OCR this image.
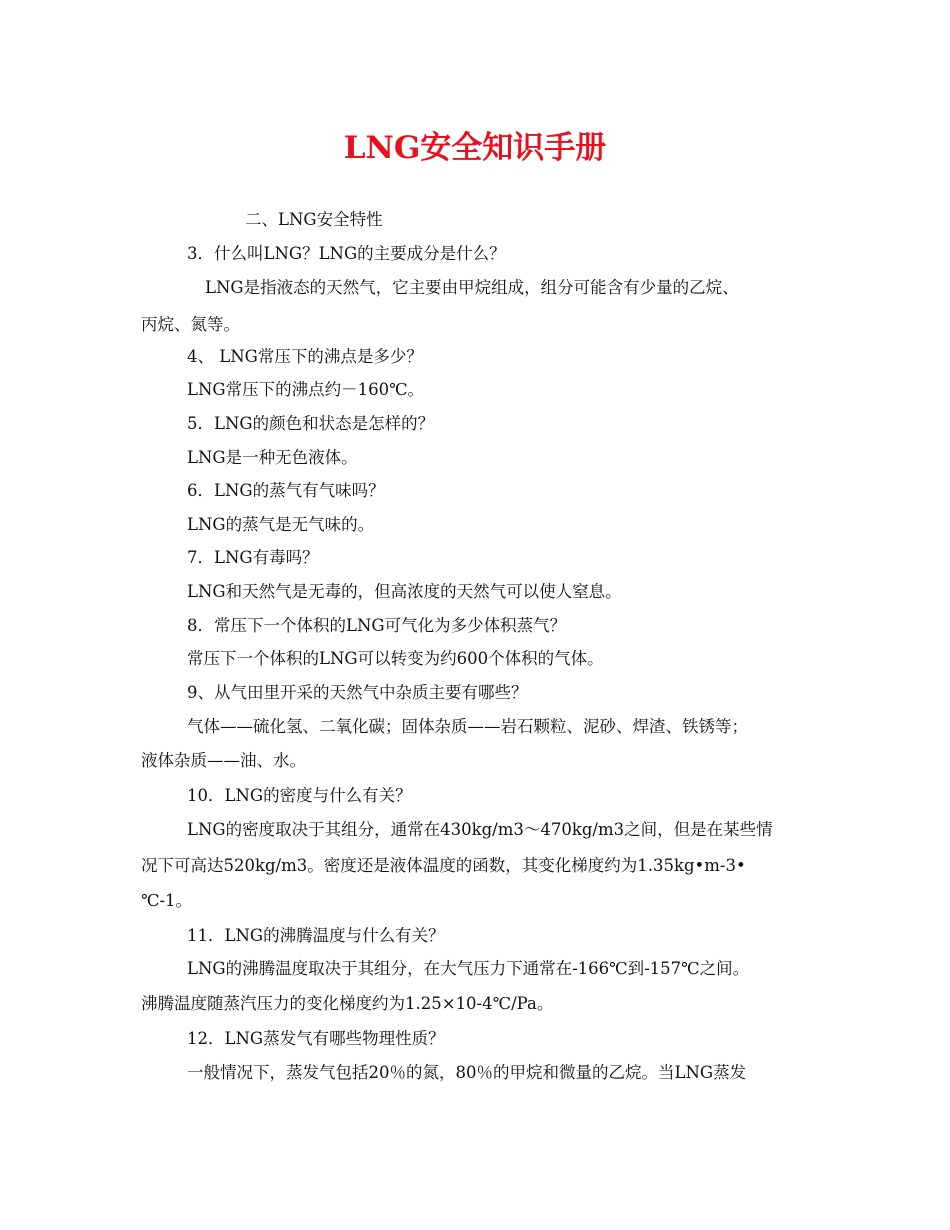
LNG安全知识手册
二、LNG安全特性
3．什么叫LNG？LNG的主要成分是什么？
LNG是指液态的天然气，它主要由甲烷组成，组分可能含有少量的乙烷、
丙烷、氮等。
4、 LNG常压下的沸点是多少？
LNG常压下的沸点约－160℃。
5．LNG的颜色和状态是怎样的？
LNG是一种无色液体。
6．LNG的蒸气有气味吗？
LNG的蒸气是无气味的。
7．LNG有毒吗？
LNG和天然气是无毒的，但高浓度的天然气可以使人窒息。
8．常压下一个体积的LNG可气化为多少体积蒸气？
常压下一个体积的LNG可以转变为约600个体积的气体。
9、从气田里开采的天然气中杂质主要有哪些？
气体——硫化氢、二氧化碳；固体杂质——岩石颗粒、泥砂、焊渣、铁锈等；
液体杂质——油、水。
10．LNG的密度与什么有关？
LNG的密度取决于其组分，通常在430kg/m3～470kg/m3之间，但是在某些情
况下可高达520kg/m3。密度还是液体温度的函数，其变化梯度约为1.35kg•m-3•
℃-1。
11．LNG的沸腾温度与什么有关？
LNG的沸腾温度取决于其组分，在大气压力下通常在-166℃到-157℃之间。
沸腾温度随蒸汽压力的变化梯度约为1.25×10-4℃/Pa。
12．LNG蒸发气有哪些物理性质？
一般情况下，蒸发气包括20％的氮，80％的甲烷和微量的乙烷。当LNG蒸发
